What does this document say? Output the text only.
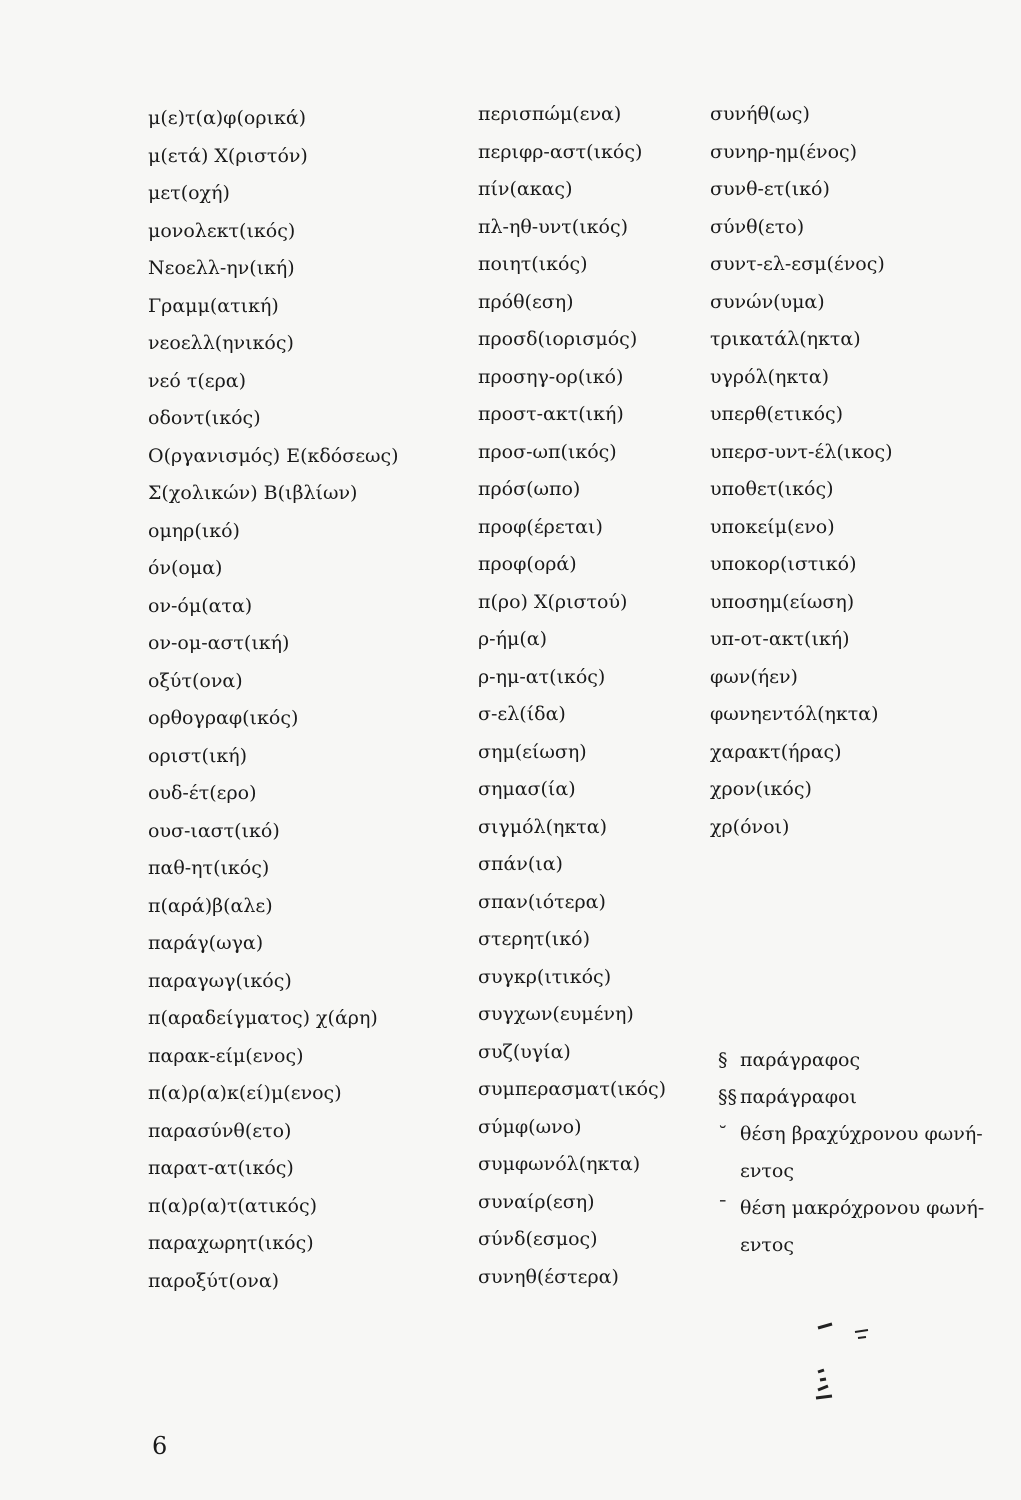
μ(ε)τ(α)φ(ορικά)
μ(ετά) Χ(ριστόν)
μετ(οχή)
μονολεκτ(ικός)
Νεοελλ-ην(ική)
Γραμμ(ατική)
νεοελλ(ηνικός)
νεό τ(ερα)
οδοντ(ικός)
Ο(ργανισμός) Ε(κδόσεως)
Σ(χολικών) Β(ιβλίων)
ομηρ(ικό)
όν(ομα)
ον-όμ(ατα)
ον-ομ-αστ(ική)
οξύτ(ονα)
ορθογραφ(ικός)
οριστ(ική)
ουδ-έτ(ερο)
ουσ-ιαστ(ικό)
παθ-ητ(ικός)
π(αρά)β(αλε)
παράγ(ωγα)
παραγωγ(ικός)
π(αραδείγματος) χ(άρη)
παρακ-είμ(ενος)
π(α)ρ(α)κ(εί)μ(ενος)
παρασύνθ(ετο)
παρατ-ατ(ικός)
π(α)ρ(α)τ(ατικός)
παραχωρητ(ικός)
παροξύτ(ονα)
περισπώμ(ενα)
περιφρ-αστ(ικός)
πίν(ακας)
πλ-ηθ-υντ(ικός)
ποιητ(ικός)
πρόθ(εση)
προσδ(ιορισμός)
προσηγ-ορ(ικό)
προστ-ακτ(ική)
προσ-ωπ(ικός)
πρόσ(ωπο)
προφ(έρεται)
προφ(ορά)
π(ρο) Χ(ριστού)
ρ-ήμ(α)
ρ-ημ-ατ(ικός)
σ-ελ(ίδα)
σημ(είωση)
σημασ(ία)
σιγμόλ(ηκτα)
σπάν(ια)
σπαν(ιότερα)
στερητ(ικό)
συγκρ(ιτικός)
συγχων(ευμένη)
συζ(υγία)
συμπερασματ(ικός)
σύμφ(ωνο)
συμφωνόλ(ηκτα)
συναίρ(εση)
σύνδ(εσμος)
συνηθ(έστερα)
συνήθ(ως)
συνηρ-ημ(ένος)
συνθ-ετ(ικό)
σύνθ(ετο)
συντ-ελ-εσμ(ένος)
συνών(υμα)
τρικατάλ(ηκτα)
υγρόλ(ηκτα)
υπερθ(ετικός)
υπερσ-υντ-έλ(ικος)
υποθετ(ικός)
υποκείμ(ενο)
υποκορ(ιστικό)
υποσημ(είωση)
υπ-οτ-ακτ(ική)
φων(ήεν)
φωνηεντόλ(ηκτα)
χαρακτ(ήρας)
χρον(ικός)
χρ(όνοι)
§ παράγραφος
§§ παράγραφοι
˘ θέση βραχύχρονου φωνή-
εντος
¯ θέση μακρόχρονου φωνή-
εντος
6
